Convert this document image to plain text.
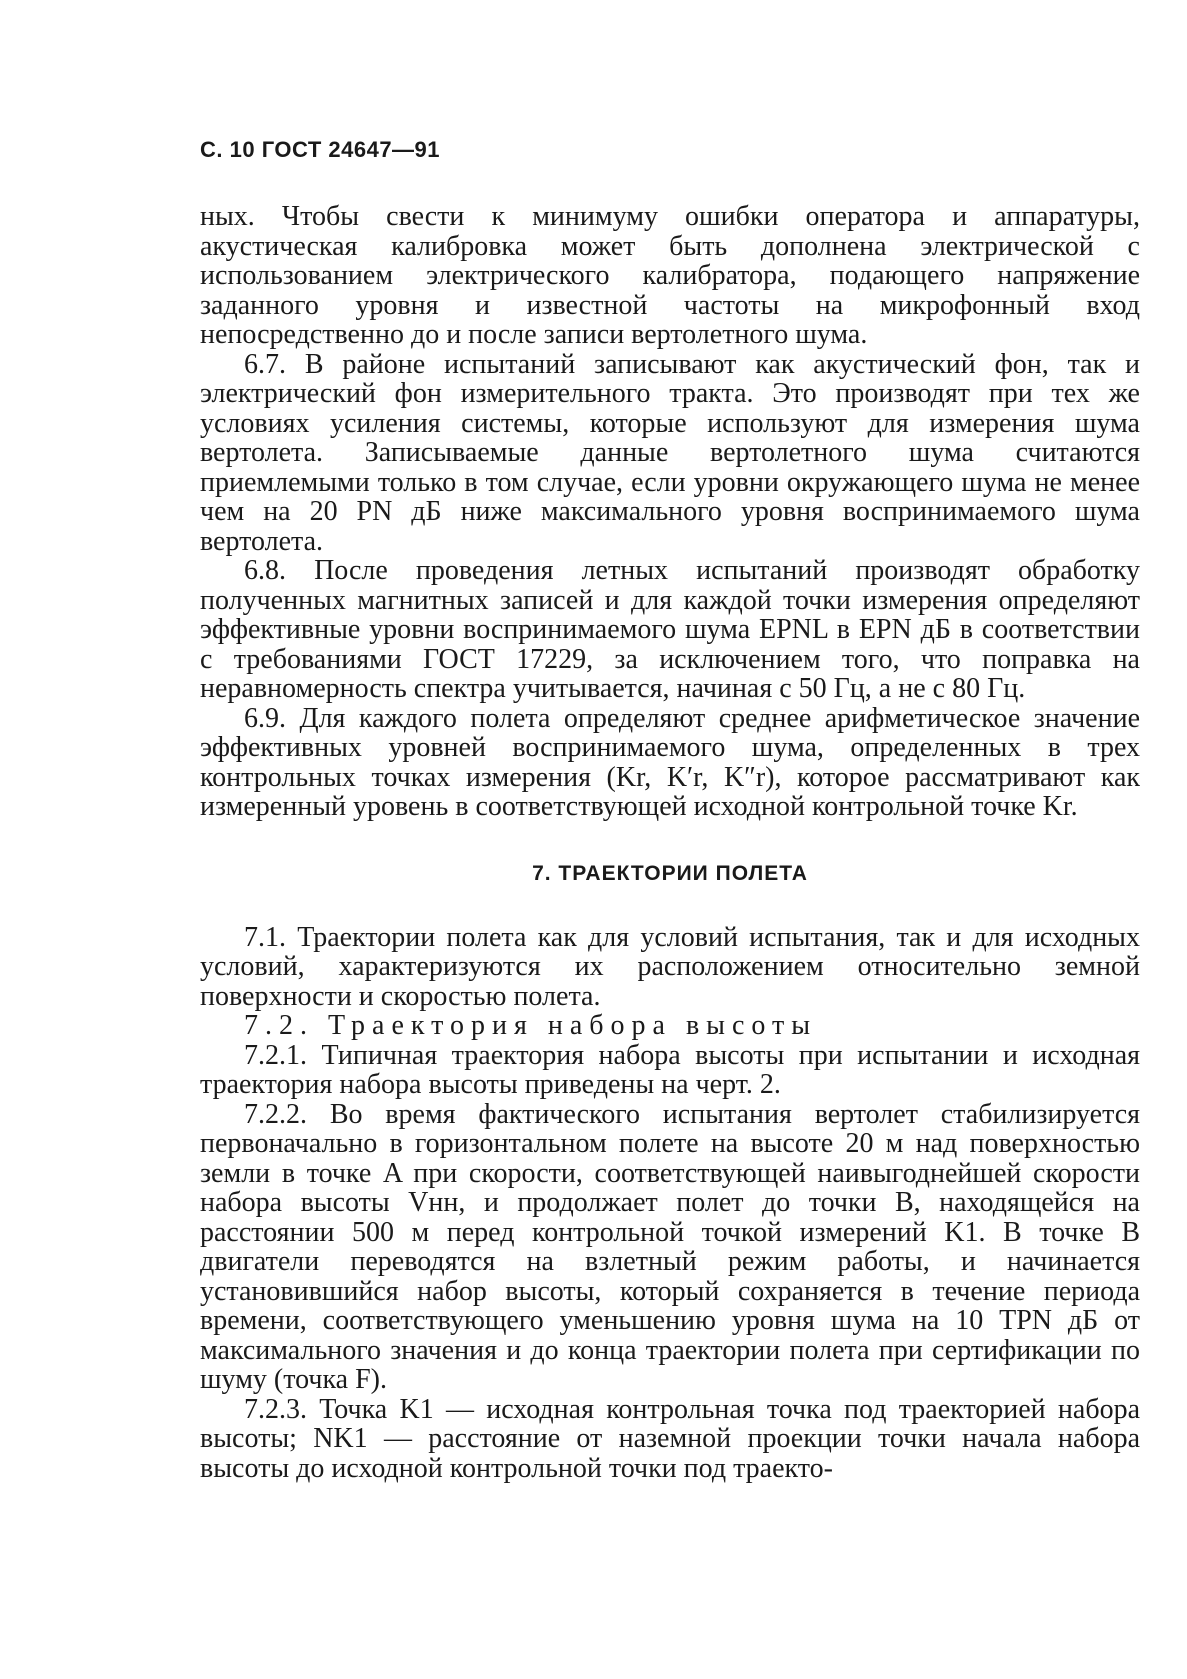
С. 10 ГОСТ 24647—91

ных. Чтобы свести к минимуму ошибки оператора и аппаратуры, акустическая калибровка может быть дополнена электрической с использованием электрического калибратора, подающего напряжение заданного уровня и известной частоты на микрофонный вход непосредственно до и после записи вертолетного шума.

6.7. В районе испытаний записывают как акустический фон, так и электрический фон измерительного тракта. Это производят при тех же условиях усиления системы, которые используют для измерения шума вертолета. Записываемые данные вертолетного шума считаются приемлемыми только в том случае, если уровни окружающего шума не менее чем на 20 PN дБ ниже максимального уровня воспринимаемого шума вертолета.

6.8. После проведения летных испытаний производят обработку полученных магнитных записей и для каждой точки измерения определяют эффективные уровни воспринимаемого шума EPNL в EPN дБ в соответствии с требованиями ГОСТ 17229, за исключением того, что поправка на неравномерность спектра учитывается, начиная с 50 Гц, а не с 80 Гц.

6.9. Для каждого полета определяют среднее арифметическое значение эффективных уровней воспринимаемого шума, определенных в трех контрольных точках измерения (Kr, K′r, K″r), которое рассматривают как измеренный уровень в соответствующей исходной контрольной точке Kr.

7. ТРАЕКТОРИИ ПОЛЕТА

7.1. Траектории полета как для условий испытания, так и для исходных условий, характеризуются их расположением относительно земной поверхности и скоростью полета.

7.2. Траектория набора высоты

7.2.1. Типичная траектория набора высоты при испытании и исходная траектория набора высоты приведены на черт. 2.

7.2.2. Во время фактического испытания вертолет стабилизируется первоначально в горизонтальном полете на высоте 20 м над поверхностью земли в точке A при скорости, соответствующей наивыгоднейшей скорости набора высоты Vнн, и продолжает полет до точки B, находящейся на расстоянии 500 м перед контрольной точкой измерений K1. В точке B двигатели переводятся на взлетный режим работы, и начинается установившийся набор высоты, который сохраняется в течение периода времени, соответствующего уменьшению уровня шума на 10 TPN дБ от максимального значения и до конца траектории полета при сертификации по шуму (точка F).

7.2.3. Точка K1 — исходная контрольная точка под траекторией набора высоты; NK1 — расстояние от наземной проекции точки начала набора высоты до исходной контрольной точки под траекто-
